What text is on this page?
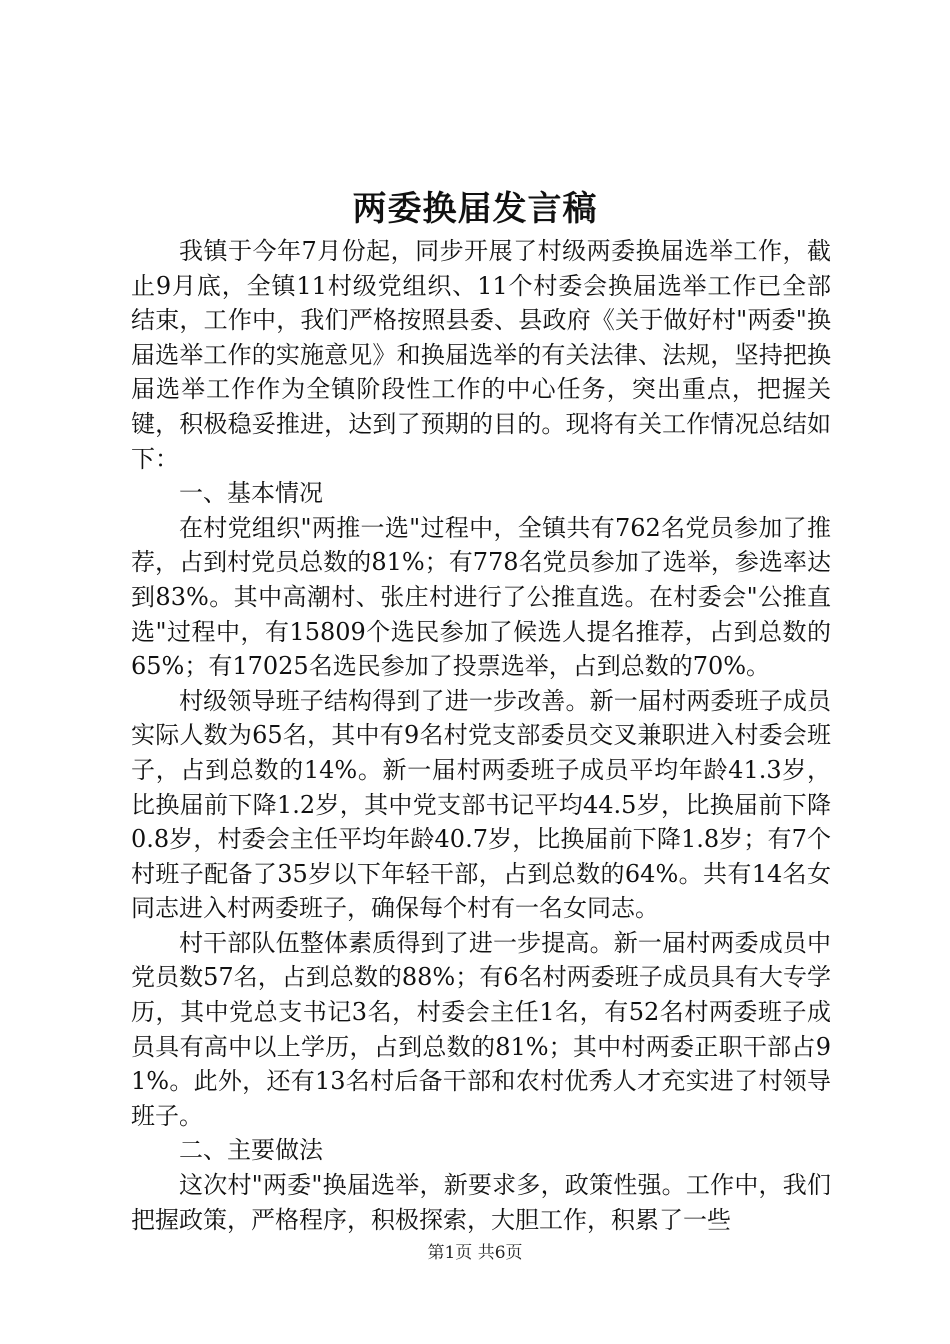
两委换届发言稿

我镇于今年7月份起，同步开展了村级两委换届选举工作，截止9月底，全镇11村级党组织、11个村委会换届选举工作已全部结束，工作中，我们严格按照县委、县政府《关于做好村"两委"换届选举工作的实施意见》和换届选举的有关法律、法规，坚持把换届选举工作作为全镇阶段性工作的中心任务，突出重点，把握关键，积极稳妥推进，达到了预期的目的。现将有关工作情况总结如下：

一、基本情况

在村党组织"两推一选"过程中，全镇共有762名党员参加了推荐，占到村党员总数的81%；有778名党员参加了选举，参选率达到83%。其中高潮村、张庄村进行了公推直选。在村委会"公推直选"过程中，有15809个选民参加了候选人提名推荐，占到总数的65%；有17025名选民参加了投票选举，占到总数的70%。

村级领导班子结构得到了进一步改善。新一届村两委班子成员实际人数为65名，其中有9名村党支部委员交叉兼职进入村委会班子，占到总数的14%。新一届村两委班子成员平均年龄41.3岁，比换届前下降1.2岁，其中党支部书记平均44.5岁，比换届前下降0.8岁，村委会主任平均年龄40.7岁，比换届前下降1.8岁；有7个村班子配备了35岁以下年轻干部，占到总数的64%。共有14名女同志进入村两委班子，确保每个村有一名女同志。

村干部队伍整体素质得到了进一步提高。新一届村两委成员中党员数57名，占到总数的88%；有6名村两委班子成员具有大专学历，其中党总支书记3名，村委会主任1名，有52名村两委班子成员具有高中以上学历，占到总数的81%；其中村两委正职干部占91%。此外，还有13名村后备干部和农村优秀人才充实进了村领导班子。

二、主要做法

这次村"两委"换届选举，新要求多，政策性强。工作中，我们把握政策，严格程序，积极探索，大胆工作，积累了一些

第1页 共6页
